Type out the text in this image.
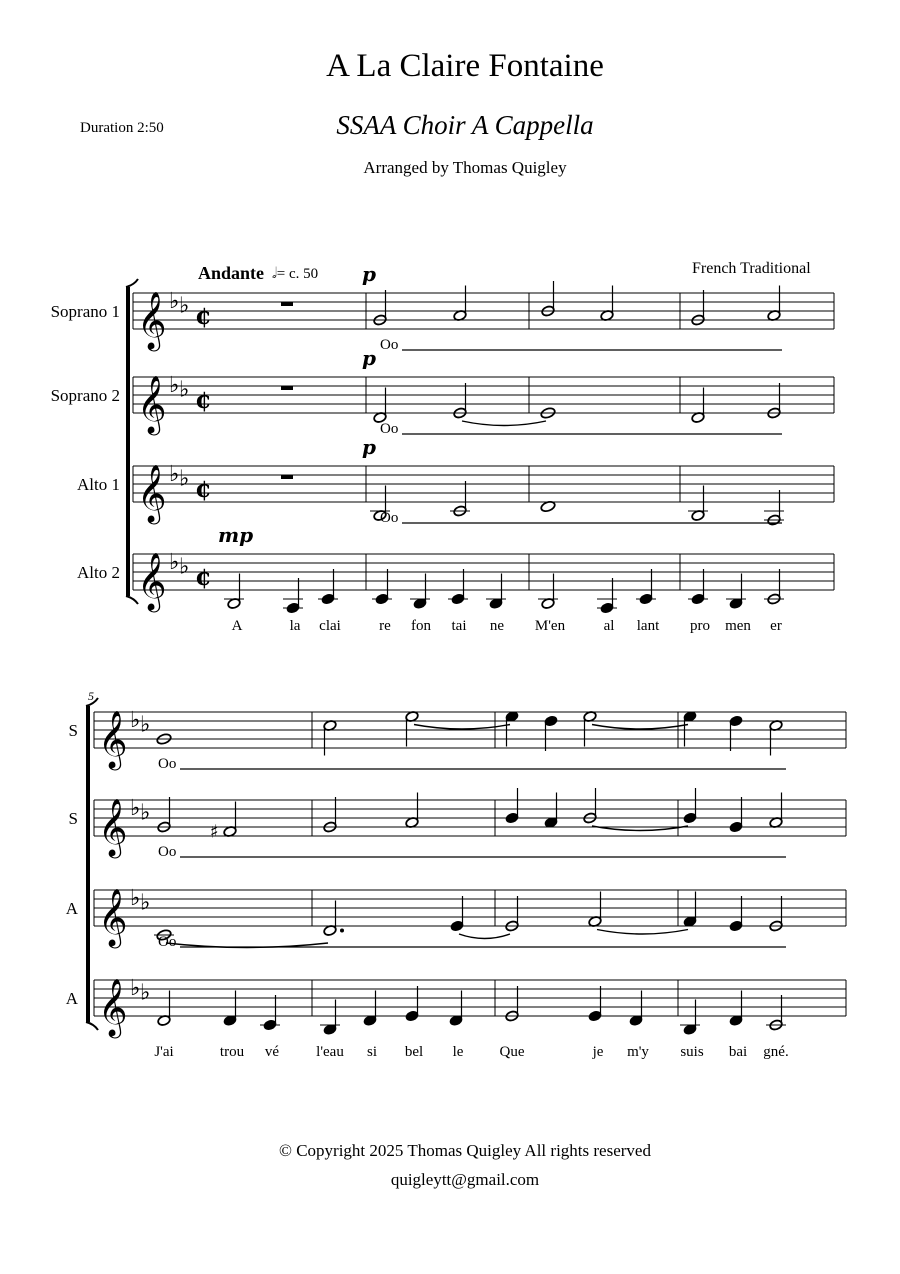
A La Claire Fontaine
SSAA Choir A Cappella
Arranged by Thomas Quigley
Duration 2:50
French Traditional
Andante 𝅗𝅥= c. 50
Soprano 1 𝄞 ♭ ♭ ¢
p
Oo
Soprano 2 𝄞 ♭ ♭ ¢
p
Oo
Alto 1 𝄞 ♭ ♭ ¢
p
Oo
Alto 2 𝄞 ♭ ♭ ¢
mp
A	la clai	re fon tai ne M'en	al lant pro men er
5
S 𝄞 ♭ ♭
Oo
S 𝄞 ♭ ♭
Oo
♯
A 𝄞 ♭ ♭
Oo
A 𝄞 ♭ ♭
J'ai	trou vé l'eau si bel le Que	je m'y suis bai gné.
© Copyright 2025 Thomas Quigley All rights reserved
quigleytt@gmail.com
